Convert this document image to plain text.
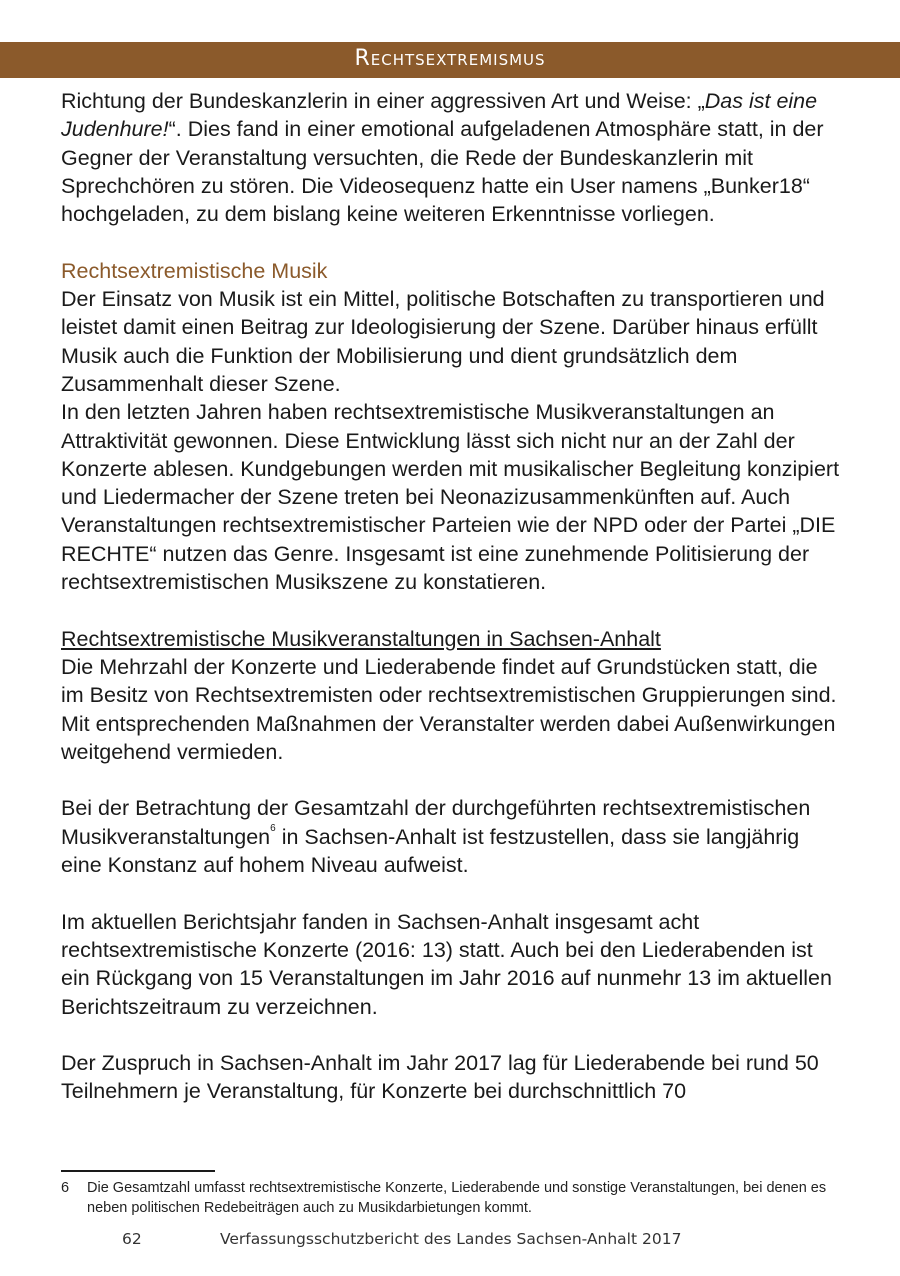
Rechtsextremismus

Richtung der Bundeskanzlerin in einer aggressiven Art und Weise: „Das ist eine Judenhure!“. Dies fand in einer emotional aufgeladenen Atmosphäre statt, in der Gegner der Veranstaltung versuchten, die Rede der Bundeskanzlerin mit Sprechchören zu stören. Die Videosequenz hatte ein User namens „Bunker18“ hochgeladen, zu dem bislang keine weiteren Erkenntnisse vorliegen.

Rechtsextremistische Musik

Der Einsatz von Musik ist ein Mittel, politische Botschaften zu transportieren und leistet damit einen Beitrag zur Ideologisierung der Szene. Darüber hinaus erfüllt Musik auch die Funktion der Mobilisierung und dient grundsätzlich dem Zusammenhalt dieser Szene.

In den letzten Jahren haben rechtsextremistische Musikveranstaltungen an Attraktivität gewonnen. Diese Entwicklung lässt sich nicht nur an der Zahl der Konzerte ablesen. Kundgebungen werden mit musikalischer Begleitung konzipiert und Liedermacher der Szene treten bei Neonazizusammenkünften auf. Auch Veranstaltungen rechtsextremistischer Parteien wie der NPD oder der Partei „DIE RECHTE“ nutzen das Genre. Insgesamt ist eine zunehmende Politisierung der rechtsextremistischen Musikszene zu konstatieren.

Rechtsextremistische Musikveranstaltungen in Sachsen-Anhalt

Die Mehrzahl der Konzerte und Liederabende findet auf Grundstücken statt, die im Besitz von Rechtsextremisten oder rechtsextremistischen Gruppierungen sind. Mit entsprechenden Maßnahmen der Veranstalter werden dabei Außenwirkungen weitgehend vermieden.

Bei der Betrachtung der Gesamtzahl der durchgeführten rechtsextremistischen Musikveranstaltungen$^6$ in Sachsen-Anhalt ist festzustellen, dass sie langjährig eine Konstanz auf hohem Niveau aufweist.

Im aktuellen Berichtsjahr fanden in Sachsen-Anhalt insgesamt acht rechtsextremistische Konzerte (2016: 13) statt. Auch bei den Liederabenden ist ein Rückgang von 15 Veranstaltungen im Jahr 2016 auf nunmehr 13 im aktuellen Berichtszeitraum zu verzeichnen.

Der Zuspruch in Sachsen-Anhalt im Jahr 2017 lag für Liederabende bei rund 50 Teilnehmern je Veranstaltung, für Konzerte bei durchschnittlich 70

6 Die Gesamtzahl umfasst rechtsextremistische Konzerte, Liederabende und sonstige Veranstaltungen, bei denen es neben politischen Redebeiträgen auch zu Musikdarbietungen kommt.
62	Verfassungsschutzbericht des Landes Sachsen-Anhalt 2017
